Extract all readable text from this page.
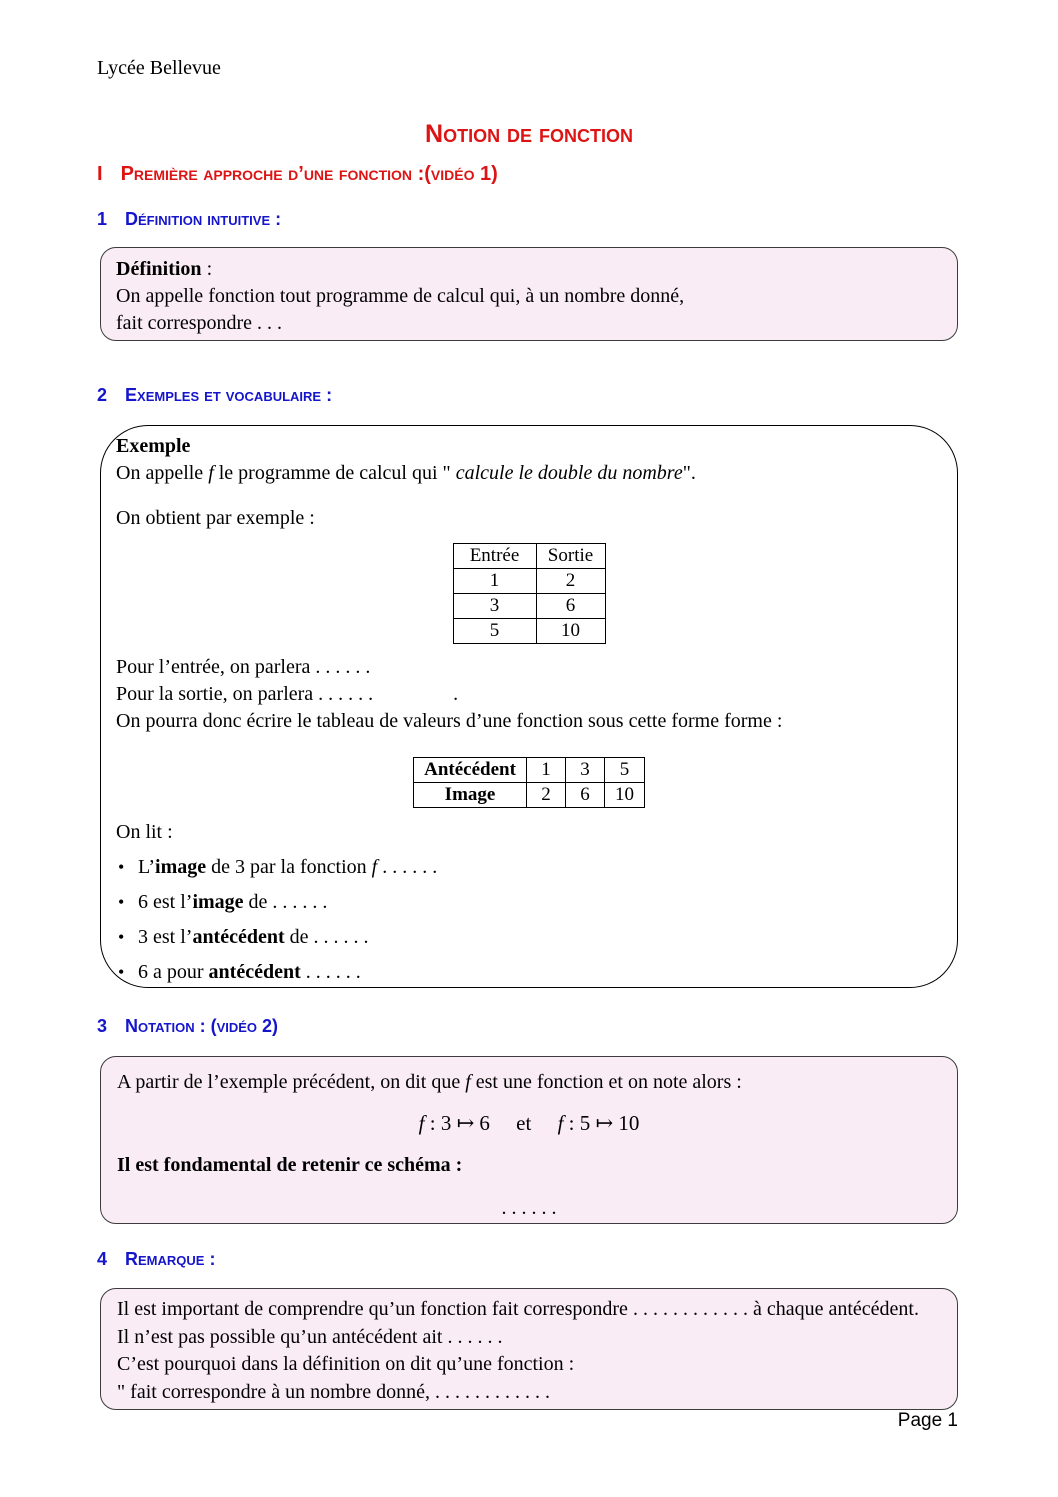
Lycée Bellevue
Notion de fonction
I Première approche d’une fonction :(vidéo 1)
1 Définition intuitive :
Définition :
On appelle fonction tout programme de calcul qui, à un nombre donné,
fait correspondre . . .
2 Exemples et vocabulaire :
Exemple
On appelle f le programme de calcul qui " calcule le double du nombre".
On obtient par exemple :
Entrée	Sortie
1	2
3	6
5	10
Pour l’entrée, on parlera . . . . . .
Pour la sortie, on parlera . . . . . .                .
On pourra donc écrire le tableau de valeurs d’une fonction sous cette forme forme :
Antécédent	1	3	5
Image	2	6	10
On lit :
• L’image de 3 par la fonction f . . . . . .
• 6 est l’image de . . . . . .
• 3 est l’antécédent de . . . . . .
• 6 a pour antécédent . . . . . .
3 Notation : (vidéo 2)
A partir de l’exemple précédent, on dit que f est une fonction et on note alors :
f : 3 ↦ 6     et     f : 5 ↦ 10
Il est fondamental de retenir ce schéma :
. . . . . .
4 Remarque :
Il est important de comprendre qu’un fonction fait correspondre . . . . . . . . . . . . à chaque antécédent.
Il n’est pas possible qu’un antécédent ait . . . . . .
C’est pourquoi dans la définition on dit qu’une fonction :
" fait correspondre à un nombre donné, . . . . . . . . . . . .
Page 1
